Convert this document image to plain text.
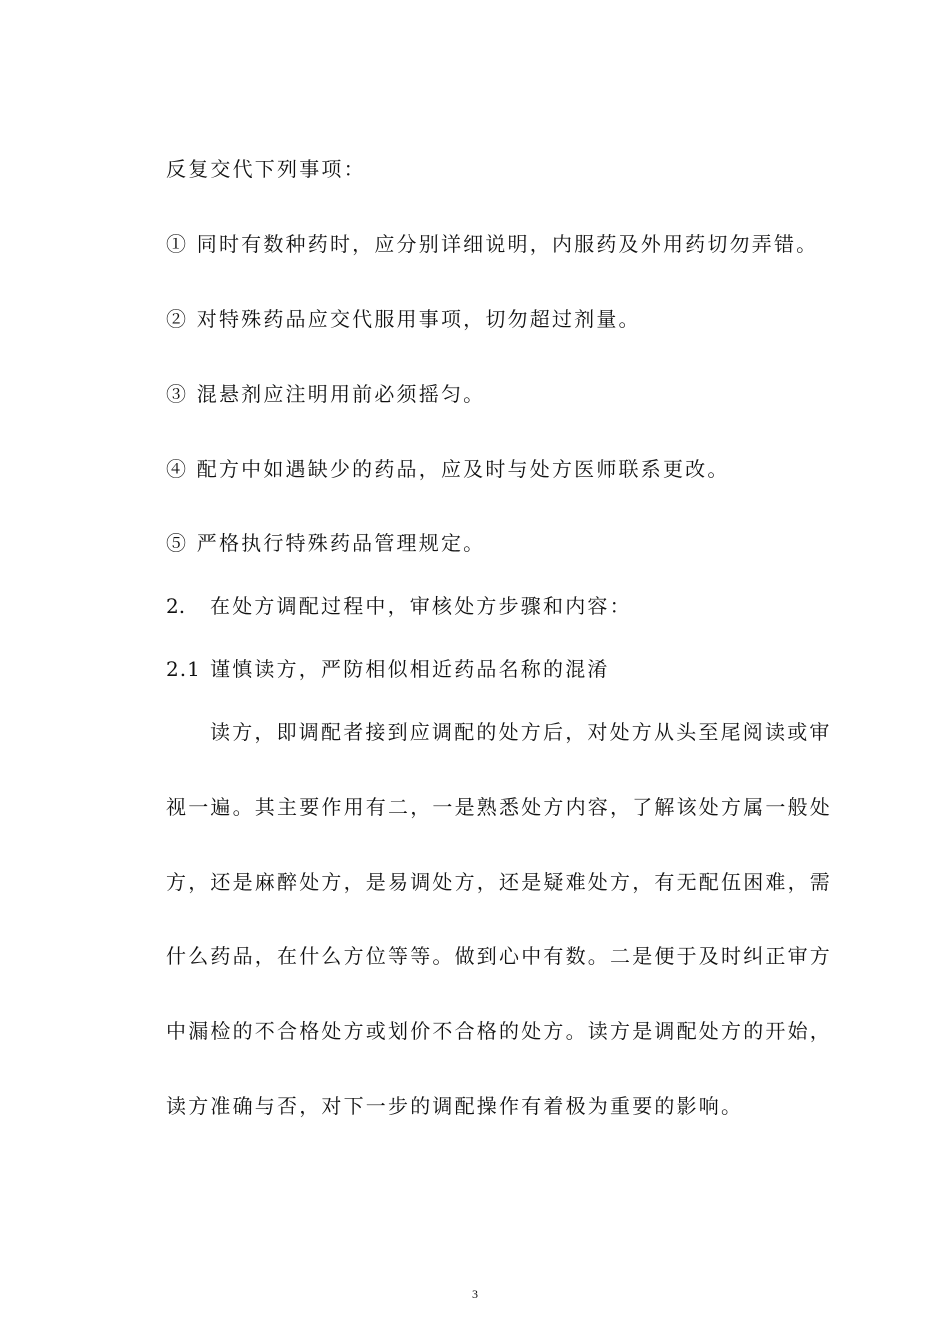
反复交代下列事项：

① 同时有数种药时，应分别详细说明，内服药及外用药切勿弄错。

② 对特殊药品应交代服用事项，切勿超过剂量。

③ 混悬剂应注明用前必须摇匀。

④ 配方中如遇缺少的药品，应及时与处方医师联系更改。

⑤ 严格执行特殊药品管理规定。

2. 在处方调配过程中，审核处方步骤和内容：

2.1 谨慎读方，严防相似相近药品名称的混淆

读方，即调配者接到应调配的处方后，对处方从头至尾阅读或审

视一遍。其主要作用有二，一是熟悉处方内容，了解该处方属一般处

方，还是麻醉处方，是易调处方，还是疑难处方，有无配伍困难，需

什么药品，在什么方位等等。做到心中有数。二是便于及时纠正审方

中漏检的不合格处方或划价不合格的处方。读方是调配处方的开始，

读方准确与否，对下一步的调配操作有着极为重要的影响。

3
